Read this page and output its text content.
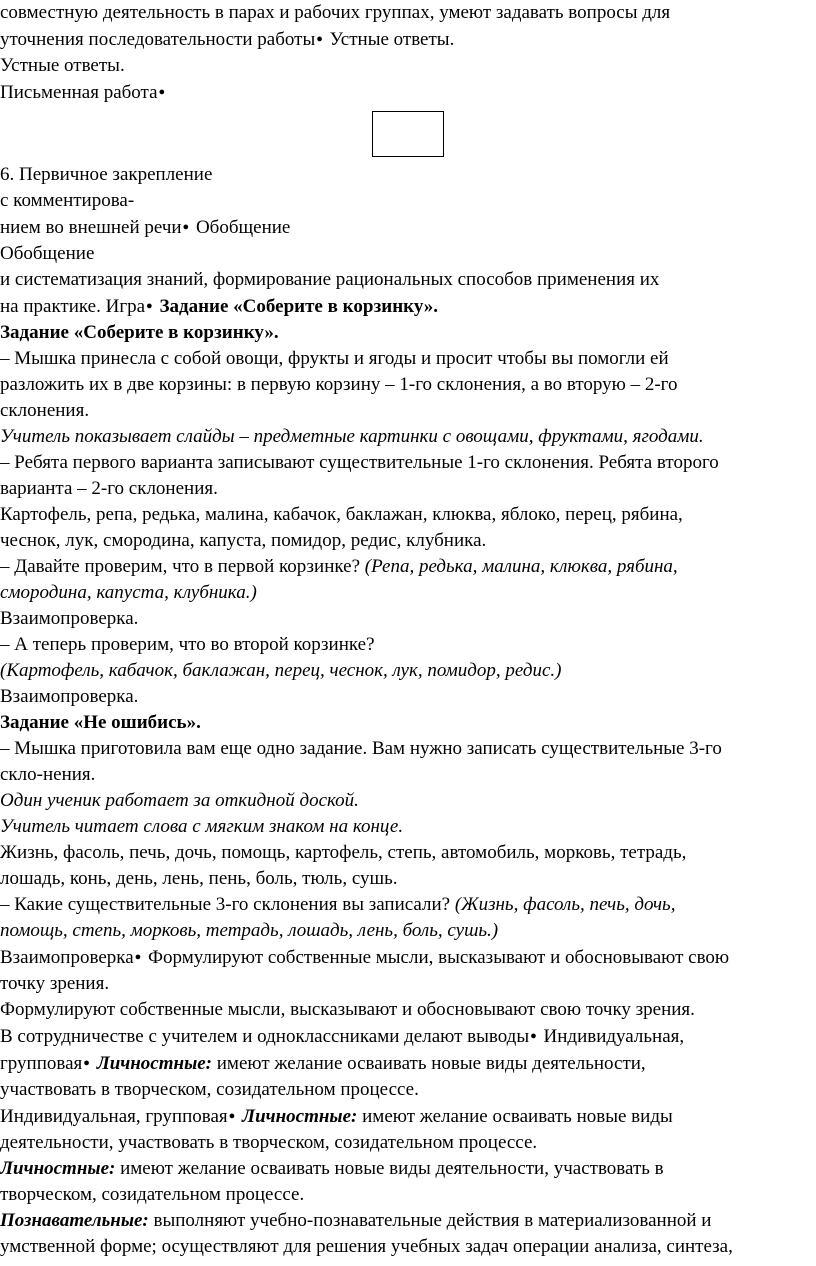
совместную деятельность в парах и рабочих группах, умеют задавать вопросы для
уточнения последовательности работы● Устные ответы.
Устные ответы.
Письменная работа●
6. Первичное закрепление
с комментирова-
нием во внешней речи● Обобщение
Обобщение
и систематизация знаний, формирование рациональных способов применения их
на практике. Игра● Задание «Соберите в корзинку».
Задание «Соберите в корзинку».
– Мышка принесла с собой овощи, фрукты и ягоды и просит чтобы вы помогли ей
разложить их в две корзины: в первую корзину – 1-го склонения, а во вторую – 2-го
склонения.
Учитель показывает слайды – предметные картинки с овощами, фруктами, ягодами.
– Ребята первого варианта записывают существительные 1-го склонения. Ребята второго
варианта – 2-го склонения.
Картофель, репа, редька, малина, кабачок, баклажан, клюква, яблоко, перец, рябина,
чеснок, лук, смородина, капуста, помидор, редис, клубника.
– Давайте проверим, что в первой корзинке? (Репа, редька, малина, клюква, рябина,
смородина, капуста, клубника.)
Взаимопроверка.
– А теперь проверим, что во второй корзинке?
(Картофель, кабачок, баклажан, перец, чеснок, лук, помидор, редис.)
Взаимопроверка.
Задание «Не ошибись».
– Мышка приготовила вам еще одно задание. Вам нужно записать существительные 3-го
скло-нения.
Один ученик работает за откидной доской.
Учитель читает слова с мягким знаком на конце.
Жизнь, фасоль, печь, дочь, помощь, картофель, степь, автомобиль, морковь, тетрадь,
лошадь, конь, день, лень, пень, боль, тюль, сушь.
– Какие существительные 3-го склонения вы записали? (Жизнь, фасоль, печь, дочь,
помощь, степь, морковь, тетрадь, лошадь, лень, боль, сушь.)
Взаимопроверка● Формулируют собственные мысли, высказывают и обосновывают свою
точку зрения.
Формулируют собственные мысли, высказывают и обосновывают свою точку зрения.
В сотрудничестве с учителем и одноклассниками делают выводы● Индивидуальная,
групповая● Личностные: имеют желание осваивать новые виды деятельности,
участвовать в творческом, созидательном процессе.
Индивидуальная, групповая● Личностные: имеют желание осваивать новые виды
деятельности, участвовать в творческом, созидательном процессе.
Личностные: имеют желание осваивать новые виды деятельности, участвовать в
творческом, созидательном процессе.
Познавательные: выполняют учебно-познавательные действия в материализованной и
умственной форме; осуществляют для решения учебных задач операции анализа, синтеза,
